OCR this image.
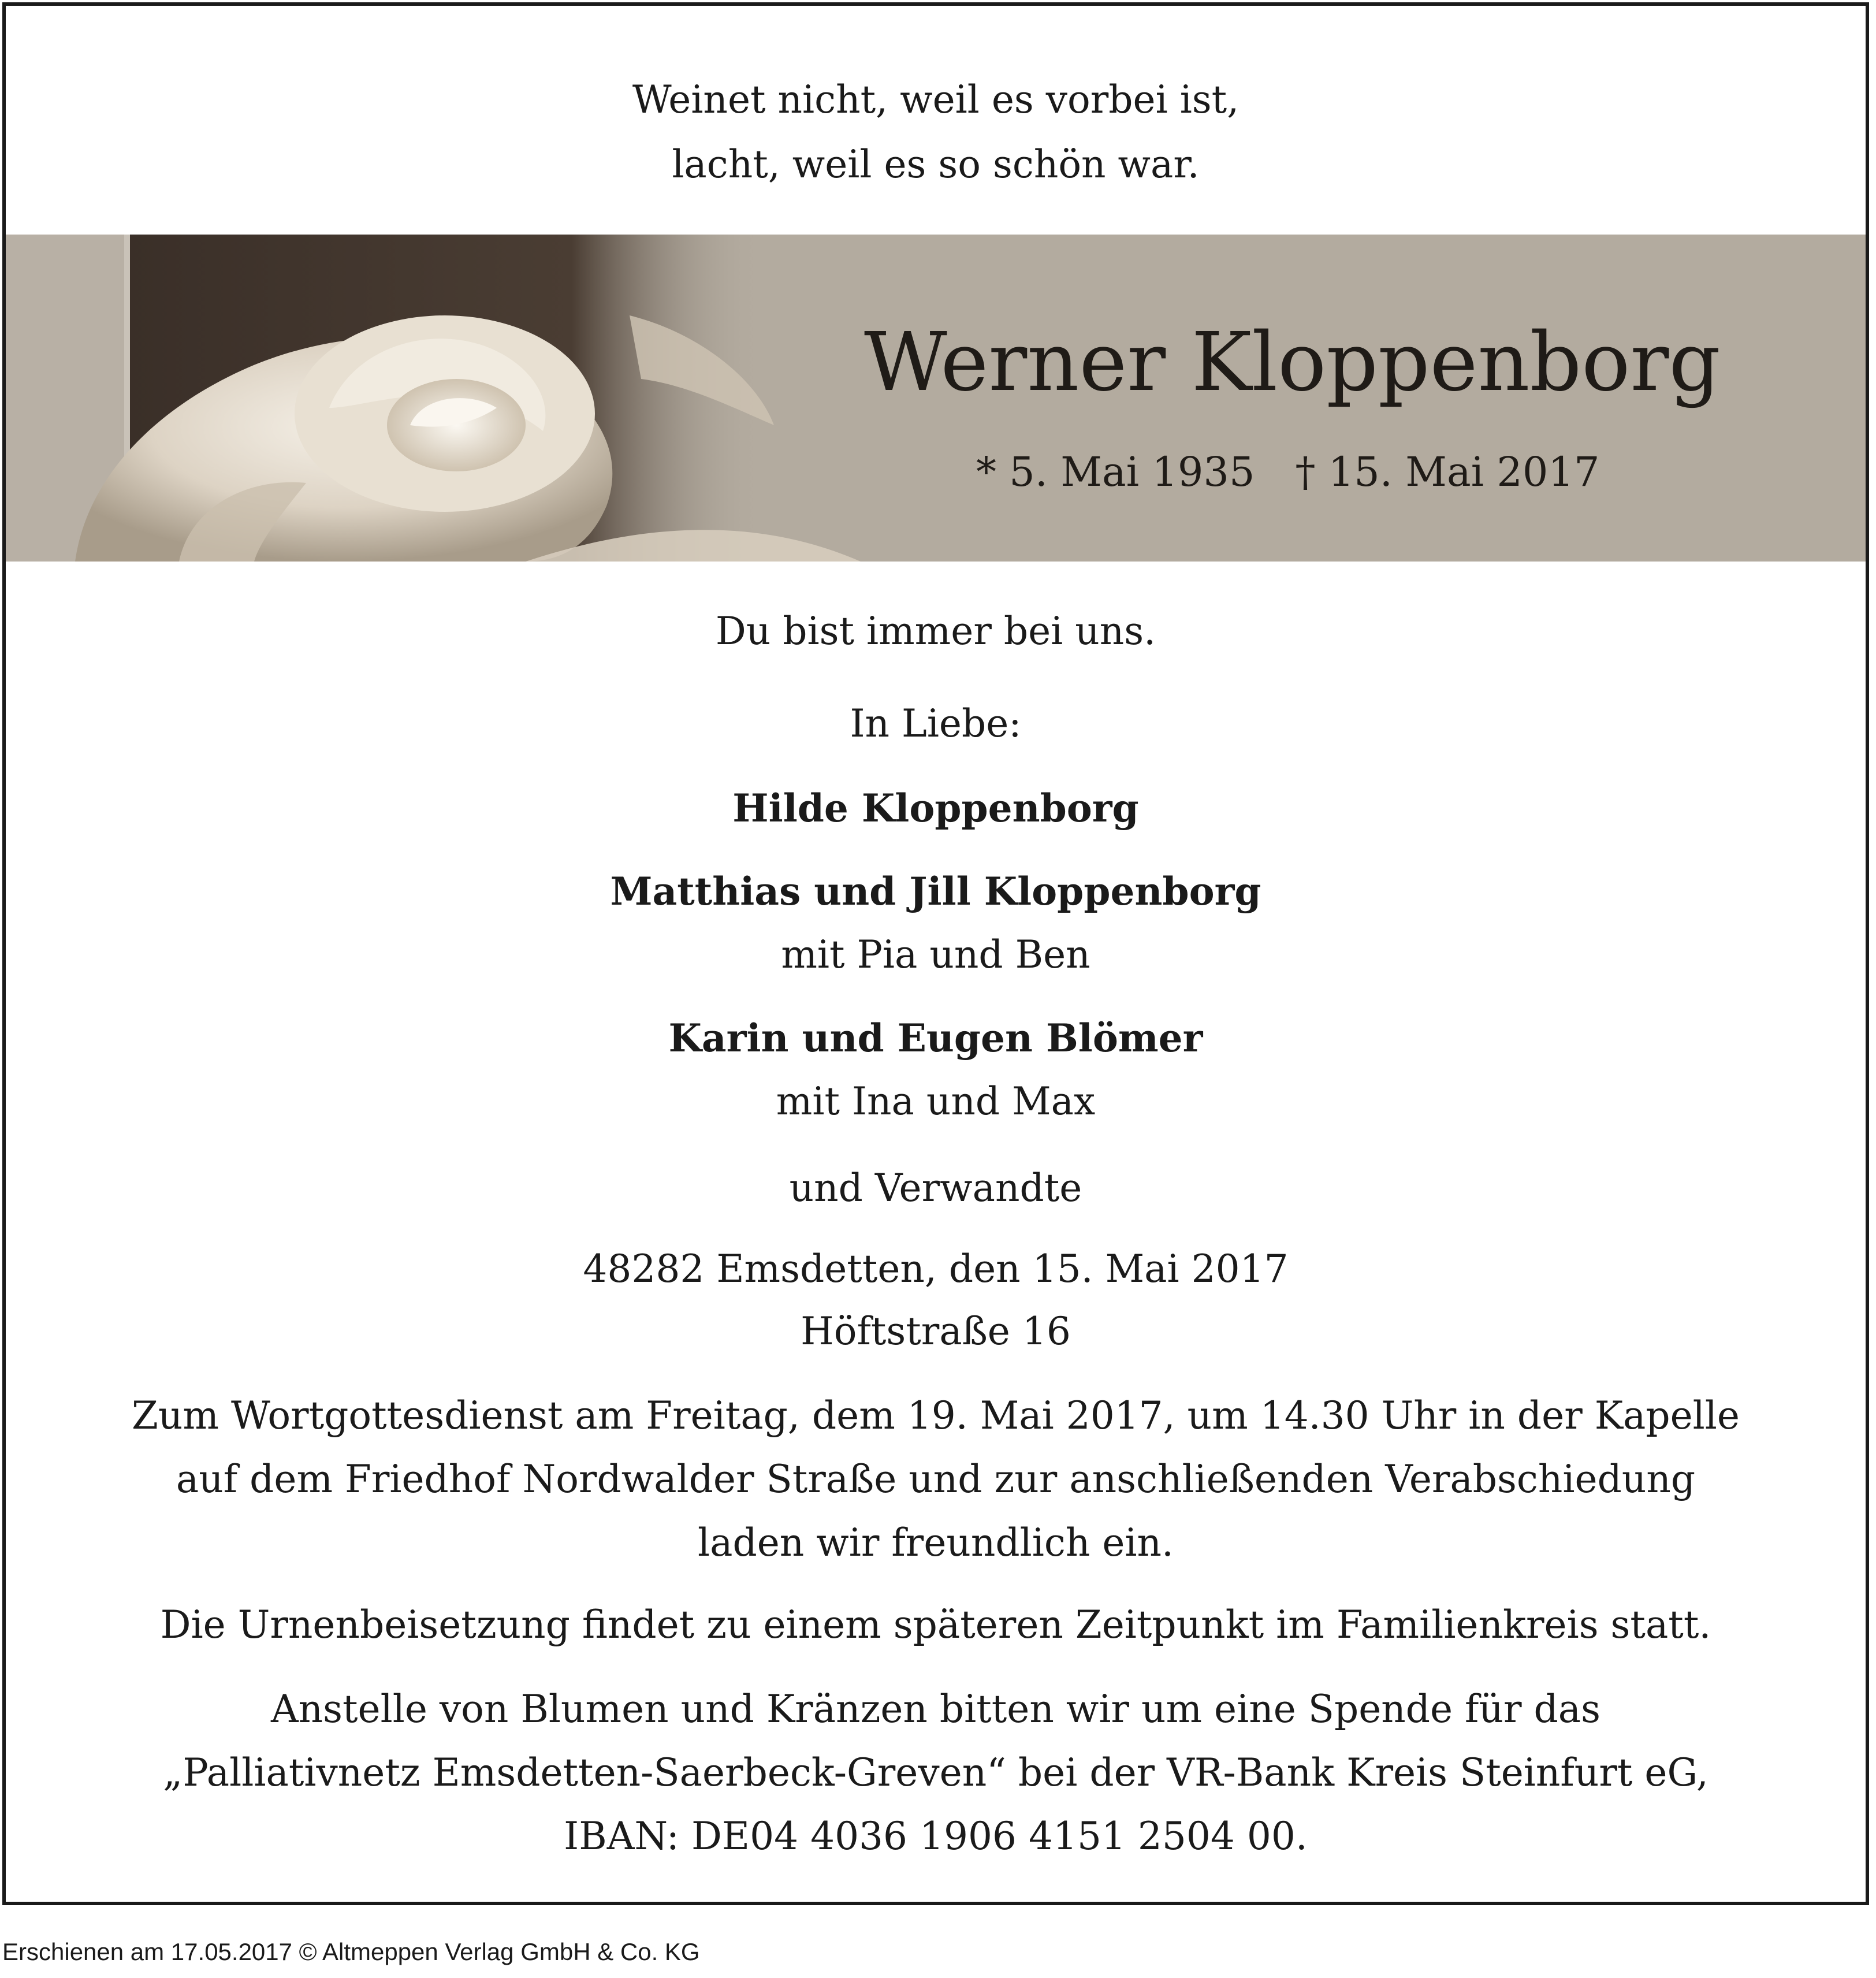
Weinet nicht, weil es vorbei ist,
lacht, weil es so schön war.
Werner Kloppenborg
* 5. Mai 1935 † 15. Mai 2017
Du bist immer bei uns.
In Liebe:
Hilde Kloppenborg
Matthias und Jill Kloppenborg
mit Pia und Ben
Karin und Eugen Blömer
mit Ina und Max
und Verwandte
48282 Emsdetten, den 15. Mai 2017
Höftstraße 16
Zum Wortgottesdienst am Freitag, dem 19. Mai 2017, um 14.30 Uhr in der Kapelle
auf dem Friedhof Nordwalder Straße und zur anschließenden Verabschiedung
laden wir freundlich ein.
Die Urnenbeisetzung findet zu einem späteren Zeitpunkt im Familienkreis statt.
Anstelle von Blumen und Kränzen bitten wir um eine Spende für das
„Palliativnetz Emsdetten-Saerbeck-Greven“ bei der VR-Bank Kreis Steinfurt eG,
IBAN: DE04 4036 1906 4151 2504 00.
Erschienen am 17.05.2017 © Altmeppen Verlag GmbH & Co. KG
